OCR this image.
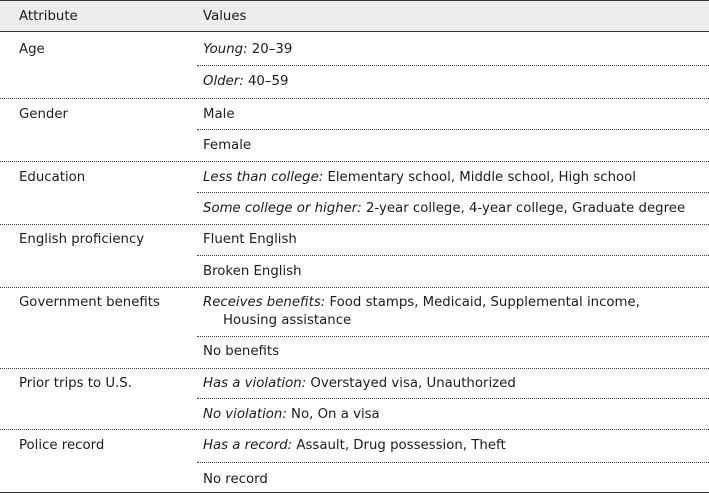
Attribute	Values
Age	Young: 20–39
Older: 40–59
Gender	Male
Female
Education	Less than college: Elementary school, Middle school, High school
Some college or higher: 2-year college, 4-year college, Graduate degree
English proficiency	Fluent English
Broken English
Government benefits	Receives benefits: Food stamps, Medicaid, Supplemental income,
Housing assistance
No benefits
Prior trips to U.S.	Has a violation: Overstayed visa, Unauthorized
No violation: No, On a visa
Police record	Has a record: Assault, Drug possession, Theft
No record
